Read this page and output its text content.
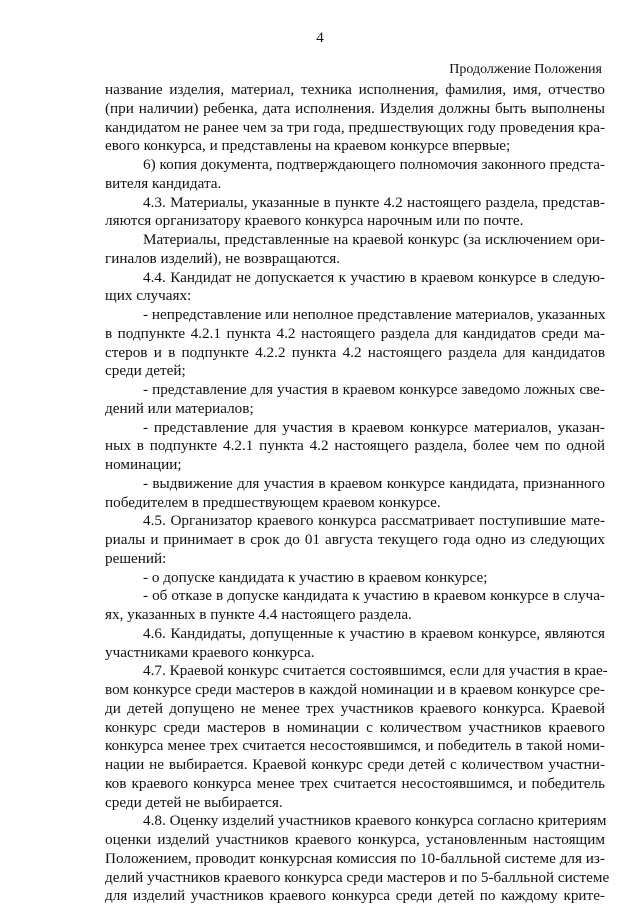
4
Продолжение Положения
название изделия, материал, техника исполнения, фамилия, имя, отчество
(при наличии) ребенка, дата исполнения. Изделия должны быть выполнены
кандидатом не ранее чем за три года, предшествующих году проведения кра-
евого конкурса, и представлены на краевом конкурсе впервые;
6) копия документа, подтверждающего полномочия законного предста-
вителя кандидата.
4.3. Материалы, указанные в пункте 4.2 настоящего раздела, представ-
ляются организатору краевого конкурса нарочным или по почте.
Материалы, представленные на краевой конкурс (за исключением ори-
гиналов изделий), не возвращаются.
4.4. Кандидат не допускается к участию в краевом конкурсе в следую-
щих случаях:
- непредставление или неполное представление материалов, указанных
в подпункте 4.2.1 пункта 4.2 настоящего раздела для кандидатов среди ма-
стеров и в подпункте 4.2.2 пункта 4.2 настоящего раздела для кандидатов
среди детей;
- представление для участия в краевом конкурсе заведомо ложных све-
дений или материалов;
- представление для участия в краевом конкурсе материалов, указан-
ных в подпункте 4.2.1 пункта 4.2 настоящего раздела, более чем по одной
номинации;
- выдвижение для участия в краевом конкурсе кандидата, признанного
победителем в предшествующем краевом конкурсе.
4.5. Организатор краевого конкурса рассматривает поступившие мате-
риалы и принимает в срок до 01 августа текущего года одно из следующих
решений:
- о допуске кандидата к участию в краевом конкурсе;
- об отказе в допуске кандидата к участию в краевом конкурсе в случа-
ях, указанных в пункте 4.4 настоящего раздела.
4.6. Кандидаты, допущенные к участию в краевом конкурсе, являются
участниками краевого конкурса.
4.7. Краевой конкурс считается состоявшимся, если для участия в крае-
вом конкурсе среди мастеров в каждой номинации и в краевом конкурсе сре-
ди детей допущено не менее трех участников краевого конкурса. Краевой
конкурс среди мастеров в номинации с количеством участников краевого
конкурса менее трех считается несостоявшимся, и победитель в такой номи-
нации не выбирается. Краевой конкурс среди детей с количеством участни-
ков краевого конкурса менее трех считается несостоявшимся, и победитель
среди детей не выбирается.
4.8. Оценку изделий участников краевого конкурса согласно критериям
оценки изделий участников краевого конкурса, установленным настоящим
Положением, проводит конкурсная комиссия по 10-балльной системе для из-
делий участников краевого конкурса среди мастеров и по 5-балльной системе
для изделий участников краевого конкурса среди детей по каждому крите-
